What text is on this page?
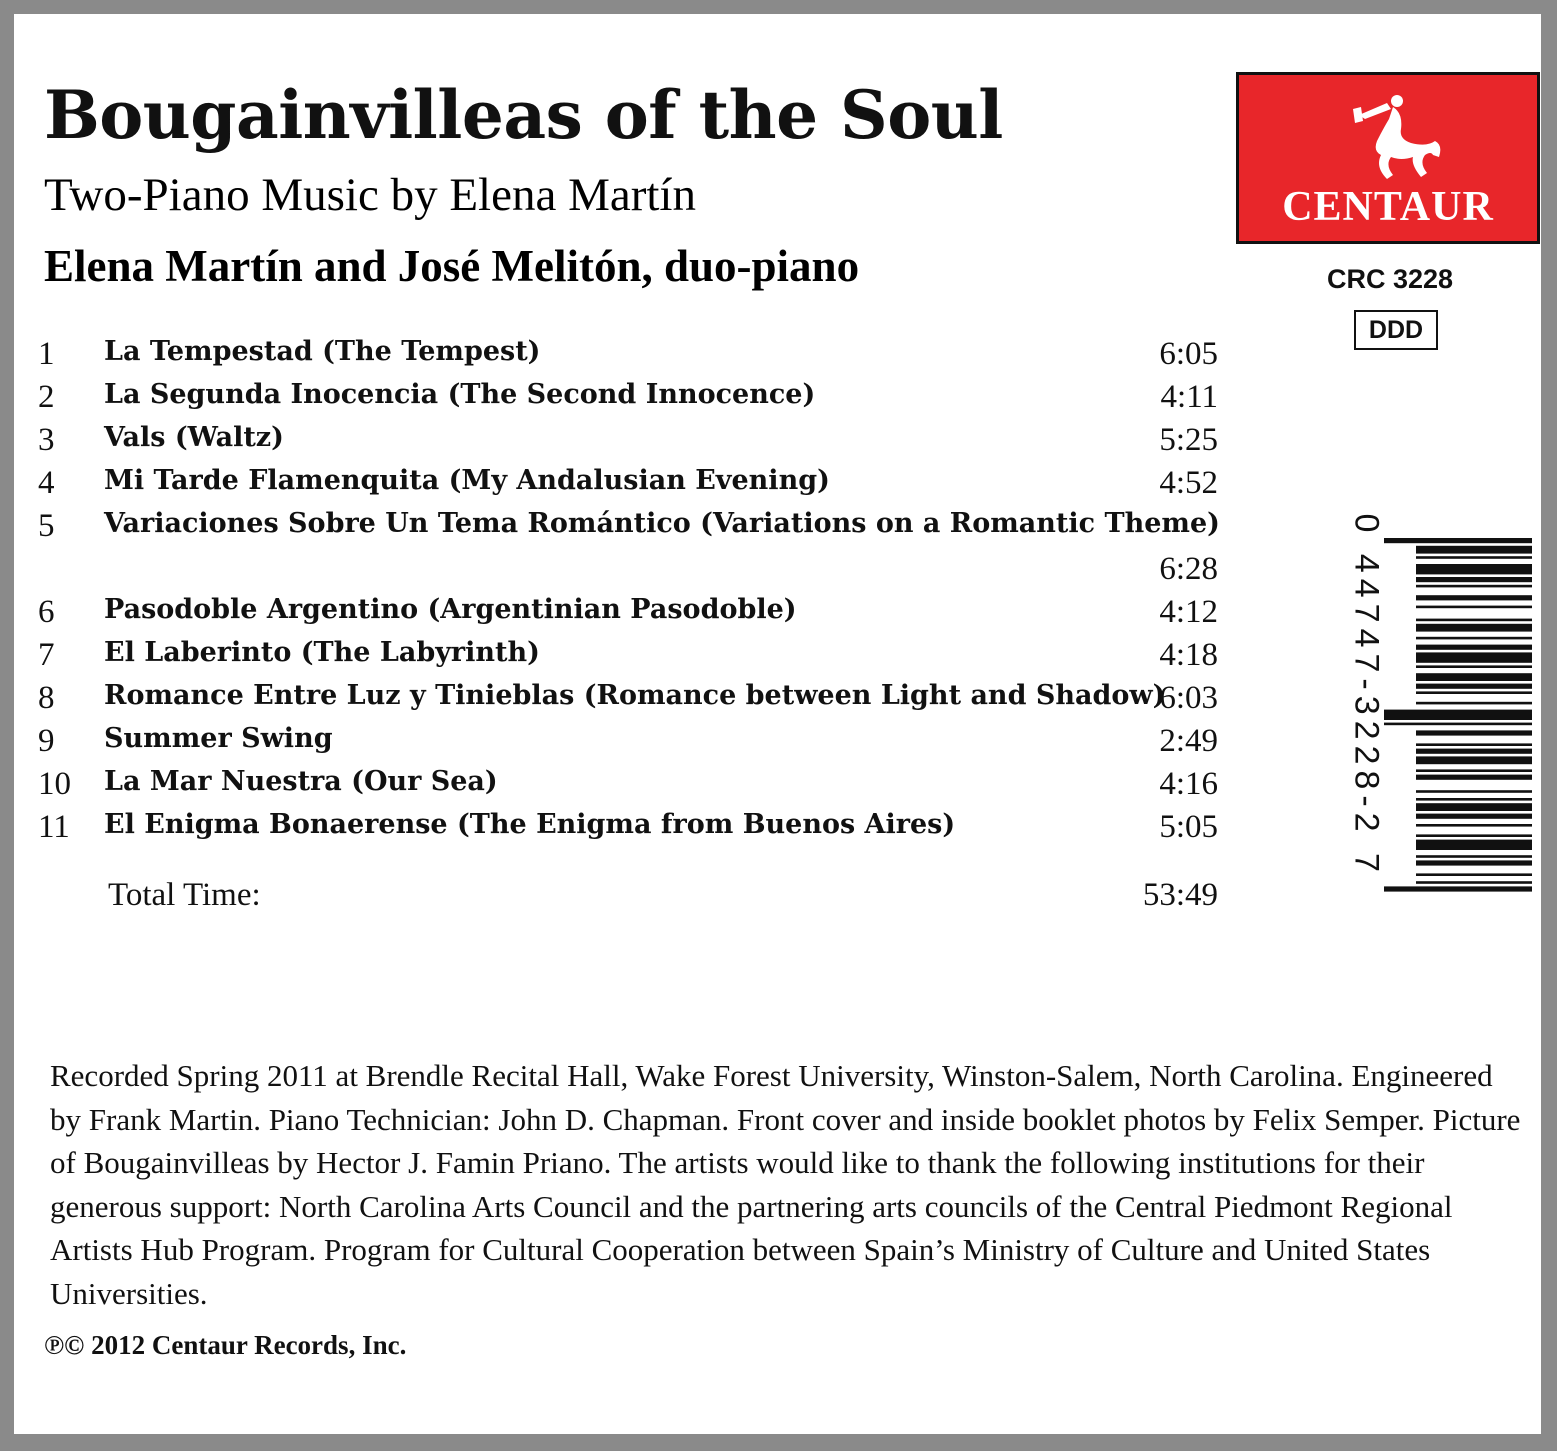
Bougainvilleas of the Soul
Two-Piano Music by Elena Martín
Elena Martín and José Melitón, duo-piano
CENTAUR
CRC 3228
DDD
1	La Tempestad (The Tempest)	6:05
2	La Segunda Inocencia (The Second Innocence)	4:11
3	Vals (Waltz)	5:25
4	Mi Tarde Flamenquita (My Andalusian Evening)	4:52
5	Variaciones Sobre Un Tema Romántico (Variations on a Romantic Theme)
6:28
6	Pasodoble Argentino (Argentinian Pasodoble)	4:12
7	El Laberinto (The Labyrinth)	4:18
8	Romance Entre Luz y Tinieblas (Romance between Light and Shadow)
6:03
9	Summer Swing	2:49
10	La Mar Nuestra (Our Sea)	4:16
11	El Enigma Bonaerense (The Enigma from Buenos Aires)	5:05
Total Time:	53:49
0 44747-3228-2 7
Recorded Spring 2011 at Brendle Recital Hall, Wake Forest University, Winston-Salem, North Carolina. Engineered by Frank Martin. Piano Technician: John D. Chapman. Front cover and inside booklet photos by Felix Semper. Picture of Bougainvilleas by Hector J. Famin Priano. The artists would like to thank the following institutions for their generous support: North Carolina Arts Council and the partnering arts councils of the Central Piedmont Regional Artists Hub Program. Program for Cultural Cooperation between Spain’s Ministry of Culture and United States Universities.
℗© 2012 Centaur Records, Inc.
